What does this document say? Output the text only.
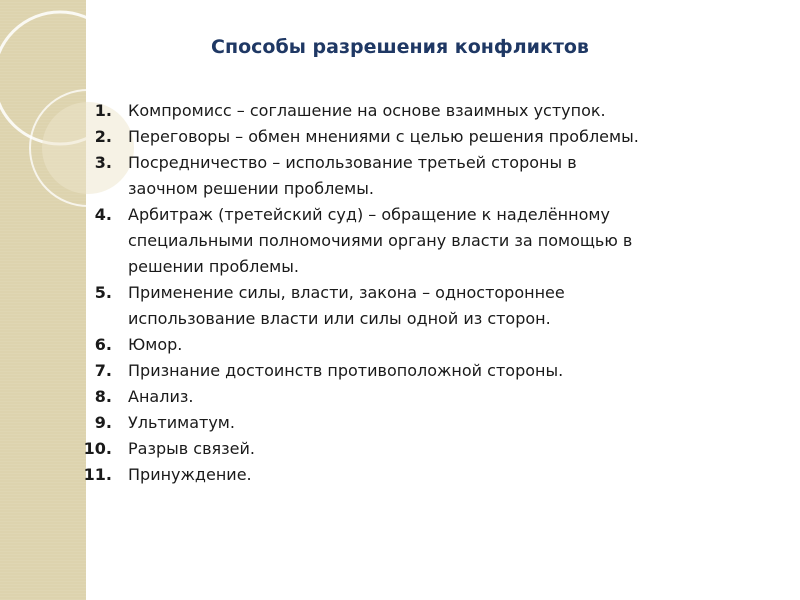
Способы разрешения конфликтов
1. Компромисс – соглашение на основе взаимных уступок.
2. Переговоры – обмен мнениями с целью решения проблемы.
3. Посредничество – использование третьей стороны в заочном решении проблемы.
4. Арбитраж (третейский суд) – обращение к наделённому специальными полномочиями органу власти за помощью в решении проблемы.
5. Применение силы, власти, закона – одностороннее использование власти или силы одной из сторон.
6. Юмор.
7. Признание достоинств противоположной стороны.
8. Анализ.
9. Ультиматум.
10. Разрыв связей.
11. Принуждение.
